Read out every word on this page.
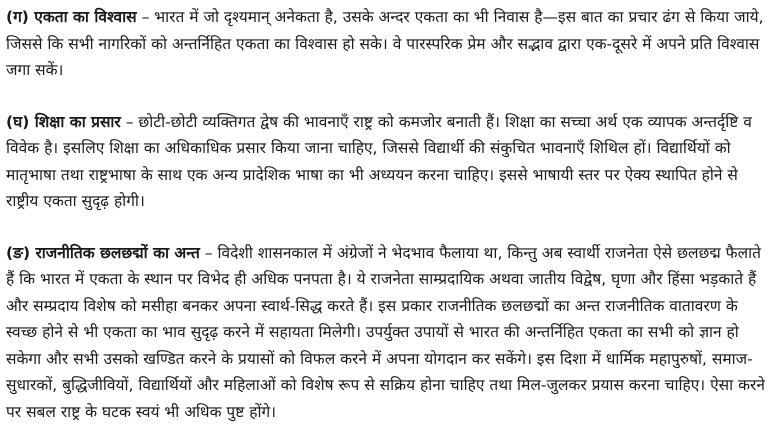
(ग) एकता का विश्वास – भारत में जो दृश्यमान् अनेकता है, उसके अन्दर एकता का भी निवास है—इस बात का प्रचार ढंग से किया जाये, जिससे कि सभी नागरिकों को अन्तर्निहित एकता का विश्वास हो सके। वे पारस्परिक प्रेम और सद्भाव द्वारा एक-दूसरे में अपने प्रति विश्वास जगा सकें।

(घ) शिक्षा का प्रसार – छोटी-छोटी व्यक्तिगत द्वेष की भावनाएँ राष्ट्र को कमजोर बनाती हैं। शिक्षा का सच्चा अर्थ एक व्यापक अन्तर्दृष्टि व विवेक है। इसलिए शिक्षा का अधिकाधिक प्रसार किया जाना चाहिए, जिससे विद्यार्थी की संकुचित भावनाएँ शिथिल हों। विद्यार्थियों को मातृभाषा तथा राष्ट्रभाषा के साथ एक अन्य प्रादेशिक भाषा का भी अध्ययन करना चाहिए। इससे भाषायी स्तर पर ऐक्य स्थापित होने से राष्ट्रीय एकता सुदृढ़ होगी।

(ङ) राजनीतिक छलछद्मों का अन्त – विदेशी शासनकाल में अंग्रेजों ने भेदभाव फैलाया था, किन्तु अब स्वार्थी राजनेता ऐसे छलछद्म फैलाते हैं कि भारत में एकता के स्थान पर विभेद ही अधिक पनपता है। ये राजनेता साम्प्रदायिक अथवा जातीय विद्वेष, घृणा और हिंसा भड़काते हैं और सम्प्रदाय विशेष को मसीहा बनकर अपना स्वार्थ-सिद्ध करते हैं। इस प्रकार राजनीतिक छलछद्मों का अन्त राजनीतिक वातावरण के स्वच्छ होने से भी एकता का भाव सुदृढ़ करने में सहायता मिलेगी। उपर्युक्त उपायों से भारत की अन्तर्निहित एकता का सभी को ज्ञान हो सकेगा और सभी उसको खण्डित करने के प्रयासों को विफल करने में अपना योगदान कर सकेंगे। इस दिशा में धार्मिक महापुरुषों, समाज-सुधारकों, बुद्धिजीवियों, विद्यार्थियों और महिलाओं को विशेष रूप से सक्रिय होना चाहिए तथा मिल-जुलकर प्रयास करना चाहिए। ऐसा करने पर सबल राष्ट्र के घटक स्वयं भी अधिक पुष्ट होंगे।
